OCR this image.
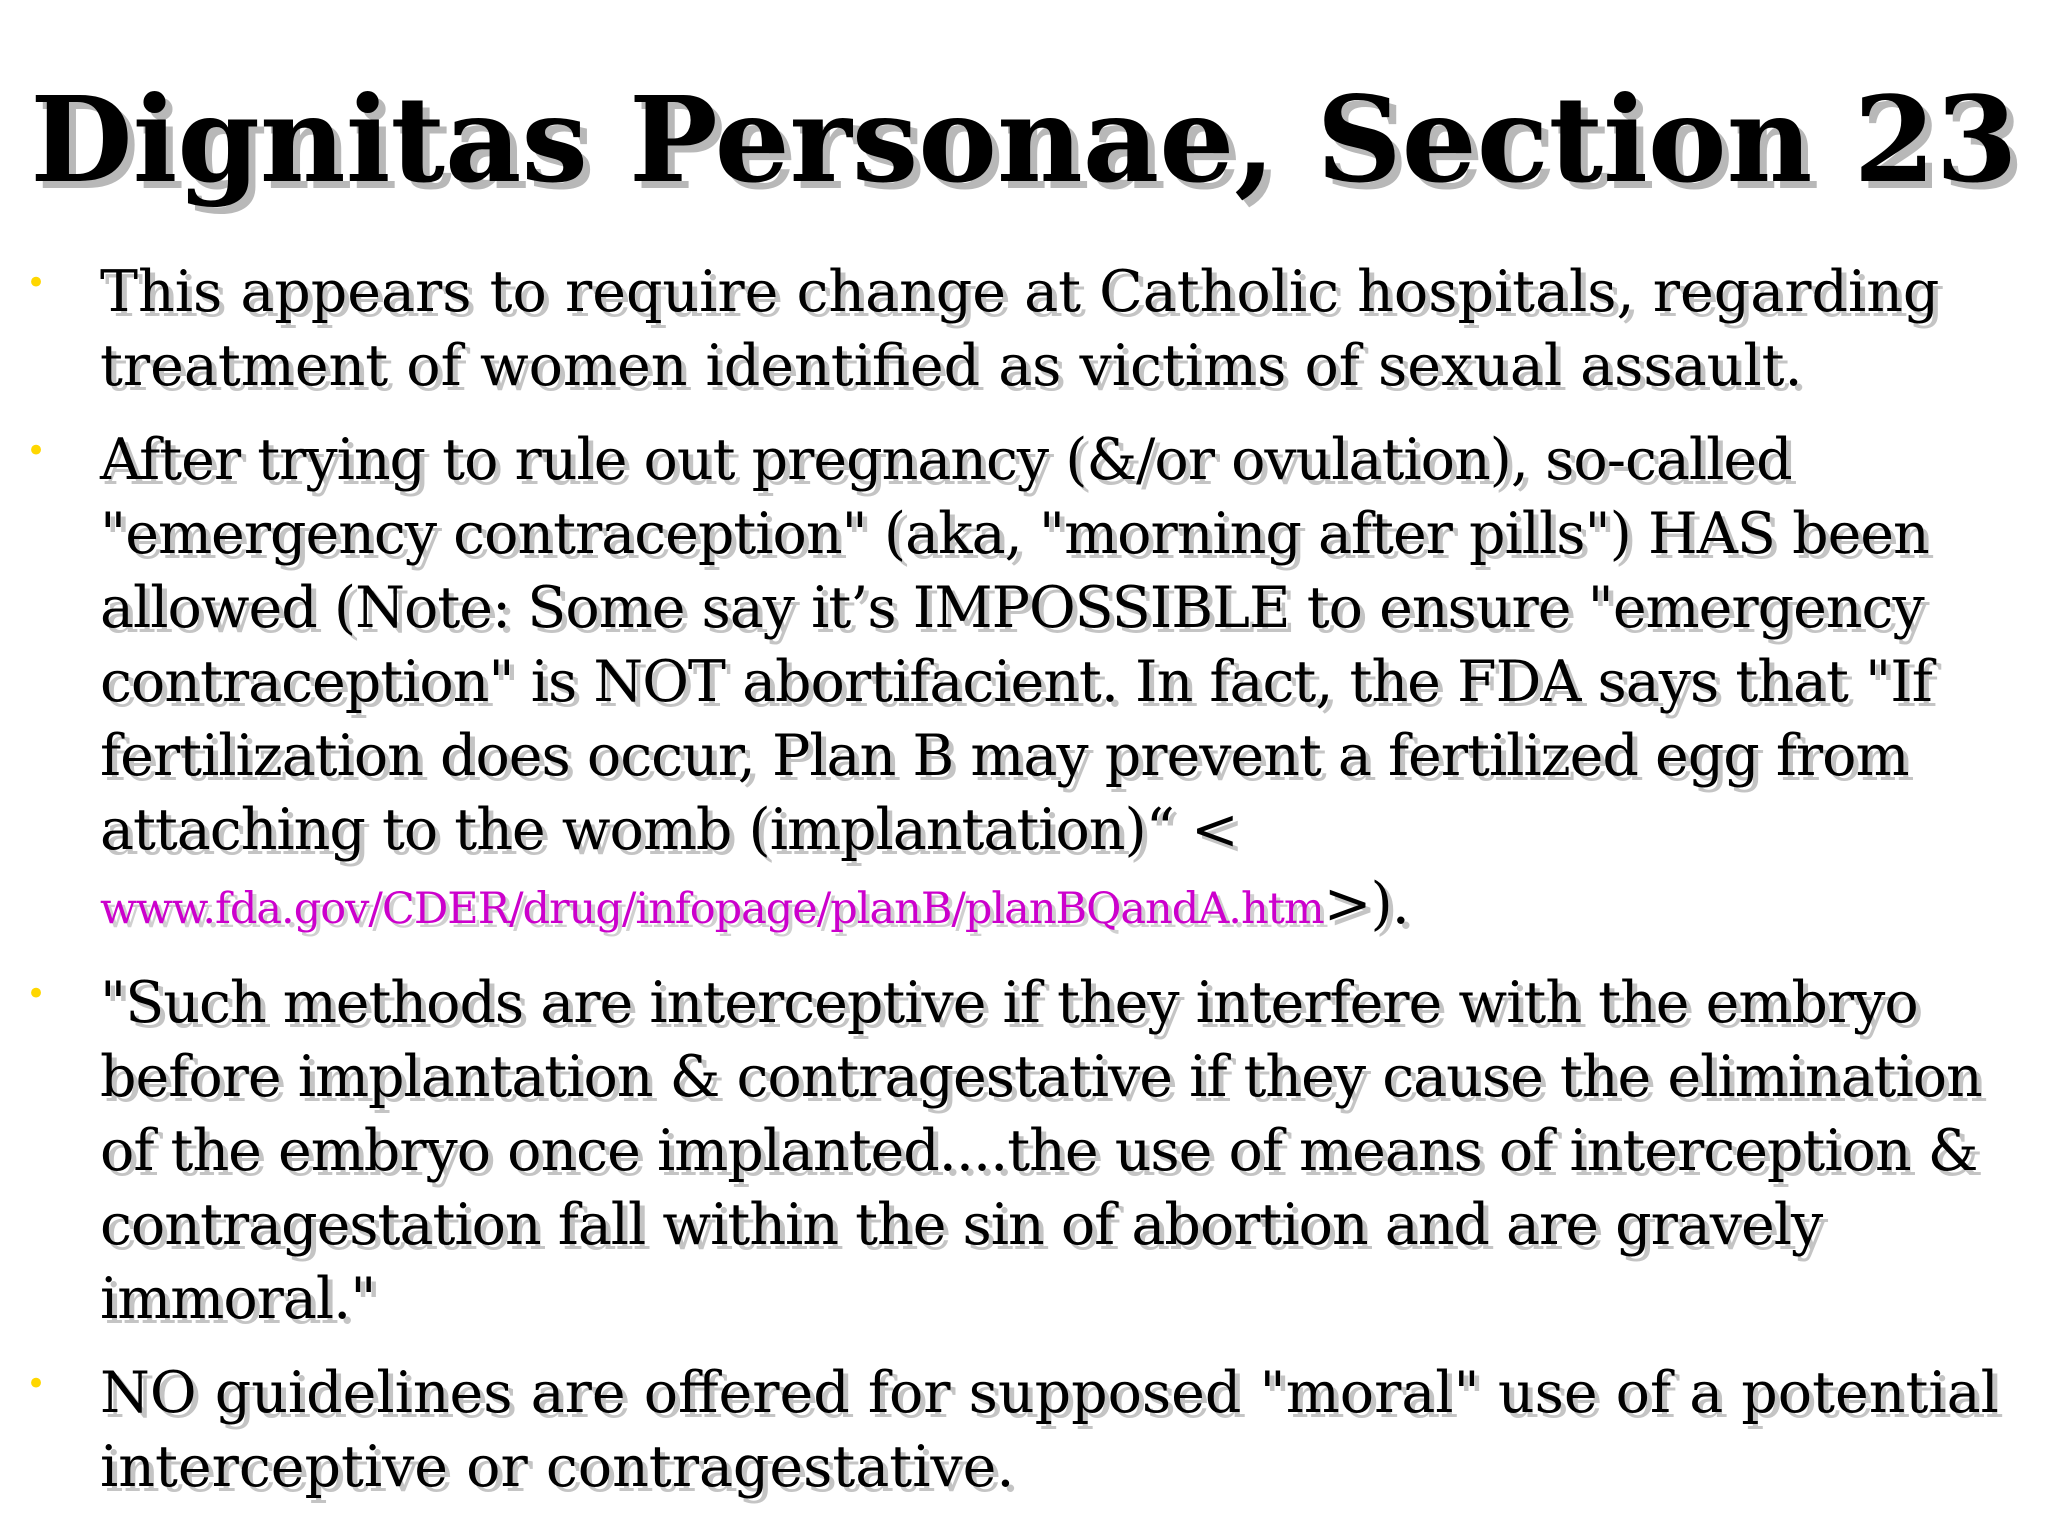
Dignitas Personae, Section 23
• This appears to require change at Catholic hospitals, regarding treatment of women identified as victims of sexual assault.
• After trying to rule out pregnancy (&/or ovulation), so-called "emergency contraception" (aka, "morning after pills") HAS been allowed (Note: Some say it’s IMPOSSIBLE to ensure "emergency contraception" is NOT abortifacient. In fact, the FDA says that "If fertilization does occur, Plan B may prevent a fertilized egg from attaching to the womb (implantation)“ <
www.fda.gov/CDER/drug/infopage/planB/planBQandA.htm>).
• "Such methods are interceptive if they interfere with the embryo before implantation & contragestative if they cause the elimination of the embryo once implanted....the use of means of interception & contragestation fall within the sin of abortion and are gravely immoral."
• NO guidelines are offered for supposed "moral" use of a potential interceptive or contragestative.
